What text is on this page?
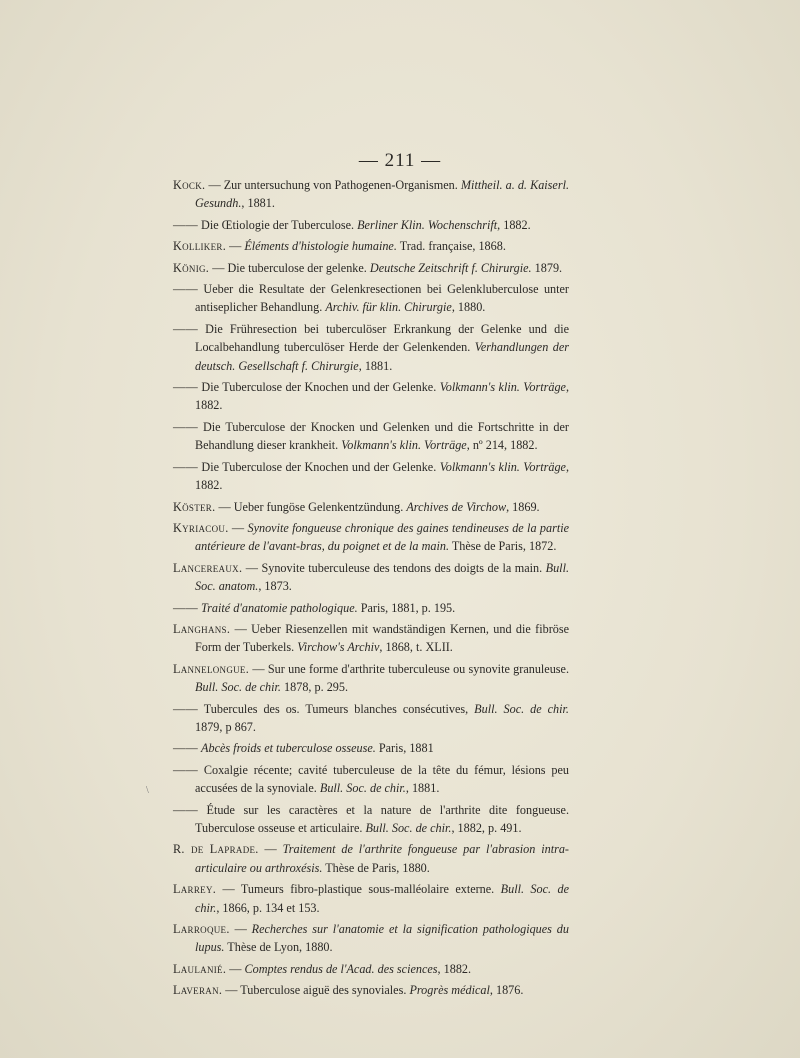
— 211 —
Kock. — Zur untersuchung von Pathogenen-Organismen. Mittheil. a. d. Kaiserl. Gesundh., 1881.
—— Die Œtiologie der Tuberculose. Berliner Klin. Wochenschrift, 1882.
Kolliker. — Éléments d'histologie humaine. Trad. française, 1868.
König. — Die tuberculose der gelenke. Deutsche Zeitschrift f. Chirurgie. 1879.
—— Ueber die Resultate der Gelenkresectionen bei Gelenkluberculose unter antiseplicher Behandlung. Archiv. für klin. Chirurgie, 1880.
—— Die Frühresection bei tuberculöser Erkrankung der Gelenke und die Localbehandlung tuberculöser Herde der Gelenkenden. Verhandlungen der deutsch. Gesellschaft f. Chirurgie, 1881.
—— Die Tuberculose der Knochen und der Gelenke. Volkmann's klin. Vorträge, 1882.
—— Die Tuberculose der Knocken und Gelenken und die Fortschritte in der Behandlung dieser krankheit. Volkmann's klin. Vorträge, nº 214, 1882.
—— Die Tuberculose der Knochen und der Gelenke. Volkmann's klin. Vorträge, 1882.
Köster. — Ueber fungöse Gelenkentzündung. Archives de Virchow, 1869.
Kyriacou. — Synovite fongueuse chronique des gaines tendineuses de la partie antérieure de l'avant-bras, du poignet et de la main. Thèse de Paris, 1872.
Lancereaux. — Synovite tuberculeuse des tendons des doigts de la main. Bull. Soc. anatom., 1873.
—— Traité d'anatomie pathologique. Paris, 1881, p. 195.
Langhans. — Ueber Riesenzellen mit wandständigen Kernen, und die fibröse Form der Tuberkels. Virchow's Archiv, 1868, t. XLII.
Lannelongue. — Sur une forme d'arthrite tuberculeuse ou synovite granuleuse. Bull. Soc. de chir. 1878, p. 295.
—— Tubercules des os. Tumeurs blanches consécutives, Bull. Soc. de chir. 1879, p 867.
—— Abcès froids et tuberculose osseuse. Paris, 1881
—— Coxalgie récente; cavité tuberculeuse de la tête du fémur, lésions peu accusées de la synoviale. Bull. Soc. de chir., 1881.
—— Étude sur les caractères et la nature de l'arthrite dite fongueuse. Tuberculose osseuse et articulaire. Bull. Soc. de chir., 1882, p. 491.
R. de Laprade. — Traitement de l'arthrite fongueuse par l'abrasion intra-articulaire ou arthroxésis. Thèse de Paris, 1880.
Larrey. — Tumeurs fibro-plastique sous-malléolaire externe. Bull. Soc. de chir., 1866, p. 134 et 153.
Larroque. — Recherches sur l'anatomie et la signification pathologiques du lupus. Thèse de Lyon, 1880.
Laulanié. — Comptes rendus de l'Acad. des sciences, 1882.
Laveran. — Tuberculose aiguë des synoviales. Progrès médical, 1876.
\
